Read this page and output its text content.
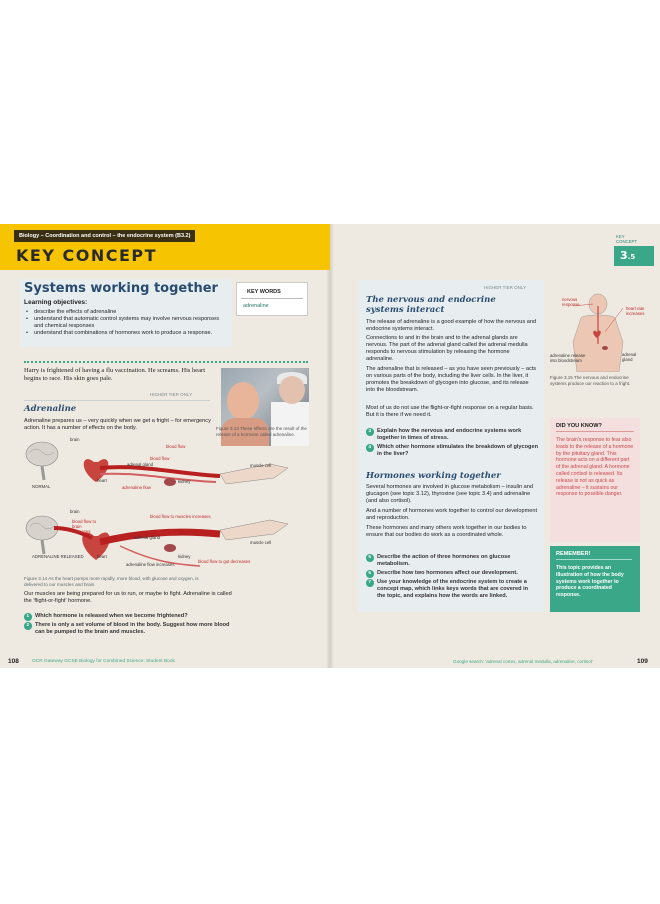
Biology – Coordination and control – the endocrine system (B3.2)
KEY CONCEPT
Systems working together
Learning objectives:
• describe the effects of adrenaline
• understand that automatic control systems may involve nervous responses and chemical responses
• understand that combinations of hormones work to produce a response.
KEY WORDS
adrenaline
Harry is frightened of having a flu vaccination. He screams. His heart begins to race. His skin goes pale.
Figure 3.13 These effects are the result of the release of a hormone called adrenaline.
HIGHER TIER ONLY
Adrenaline
Adrenaline prepares us – very quickly when we get a fright – for emergency action. It has a number of effects on the body.
brain
blood flow
blood flow
adrenal gland	muscle cell
heart	kidney
adrenaline flow
NORMAL
brain
blood flow to brain increases
blood flow to muscles increases
blood flow
adrenal gland
muscle cell
ADRENALINE RELEASED	heart	kidney
adrenaline flow increases
blood flow to gut decreases
Figure 3.14 As the heart pumps more rapidly, more blood, with glucose and oxygen, is delivered to our muscles and brain.
Our muscles are being prepared for us to run, or maybe to fight. Adrenaline is called the 'flight-or-fight' hormone.
1	Which hormone is released when we become frightened?
2	There is only a set volume of blood in the body. Suggest how more blood can be pumped to the brain and muscles.
108	OCR Gateway GCSE Biology for Combined Science: Student Book
KEY CONCEPT
3.5
HIGHER TIER ONLY
The nervous and endocrine systems interact
The release of adrenaline is a good example of how the nervous and endocrine systems interact.
Connections to and in the brain and to the adrenal glands are nervous. The part of the adrenal gland called the adrenal medulla responds to nervous stimulation by releasing the hormone adrenaline.
The adrenaline that is released – as you have seen previously – acts on various parts of the body, including the liver cells. In the liver, it promotes the breakdown of glycogen into glucose, and its release into the bloodstream.
Most of us do not use the flight-or-fight response on a regular basis. But it is there if we need it.
3	Explain how the nervous and endocrine systems work together in times of stress.
4	Which other hormone stimulates the breakdown of glycogen in the liver?
Hormones working together
Several hormones are involved in glucose metabolism – insulin and glucagon (see topic 3.12), thyroxine (see topic 3.4) and adrenaline (and also cortisol).
And a number of hormones work together to control our development and reproduction.
These hormones and many others work together in our bodies to ensure that our bodies do work as a coordinated whole.
5	Describe the action of three hormones on glucose metabolism.
6	Describe how two hormones affect our development.
7	Use your knowledge of the endocrine system to create a concept map, which links keys words that are covered in the topic, and explains how the words are linked.
nervous response
heart rate increases
adrenaline release into bloodstream
adrenal gland
Figure 3.15 The nervous and endocrine systems produce our reaction to a fright.
DID YOU KNOW?
The brain's response to fear also leads to the release of a hormone by the pituitary gland. This hormone acts on a different part of the adrenal gland. A hormone called cortisol is released. Its release is not as quick as adrenaline – it sustains our response to possible danger.
REMEMBER!
This topic provides an illustration of how the body systems work together to produce a coordinated response.
Google search: 'adrenal cortex, adrenal medulla, adrenaline, cortisol'	109
